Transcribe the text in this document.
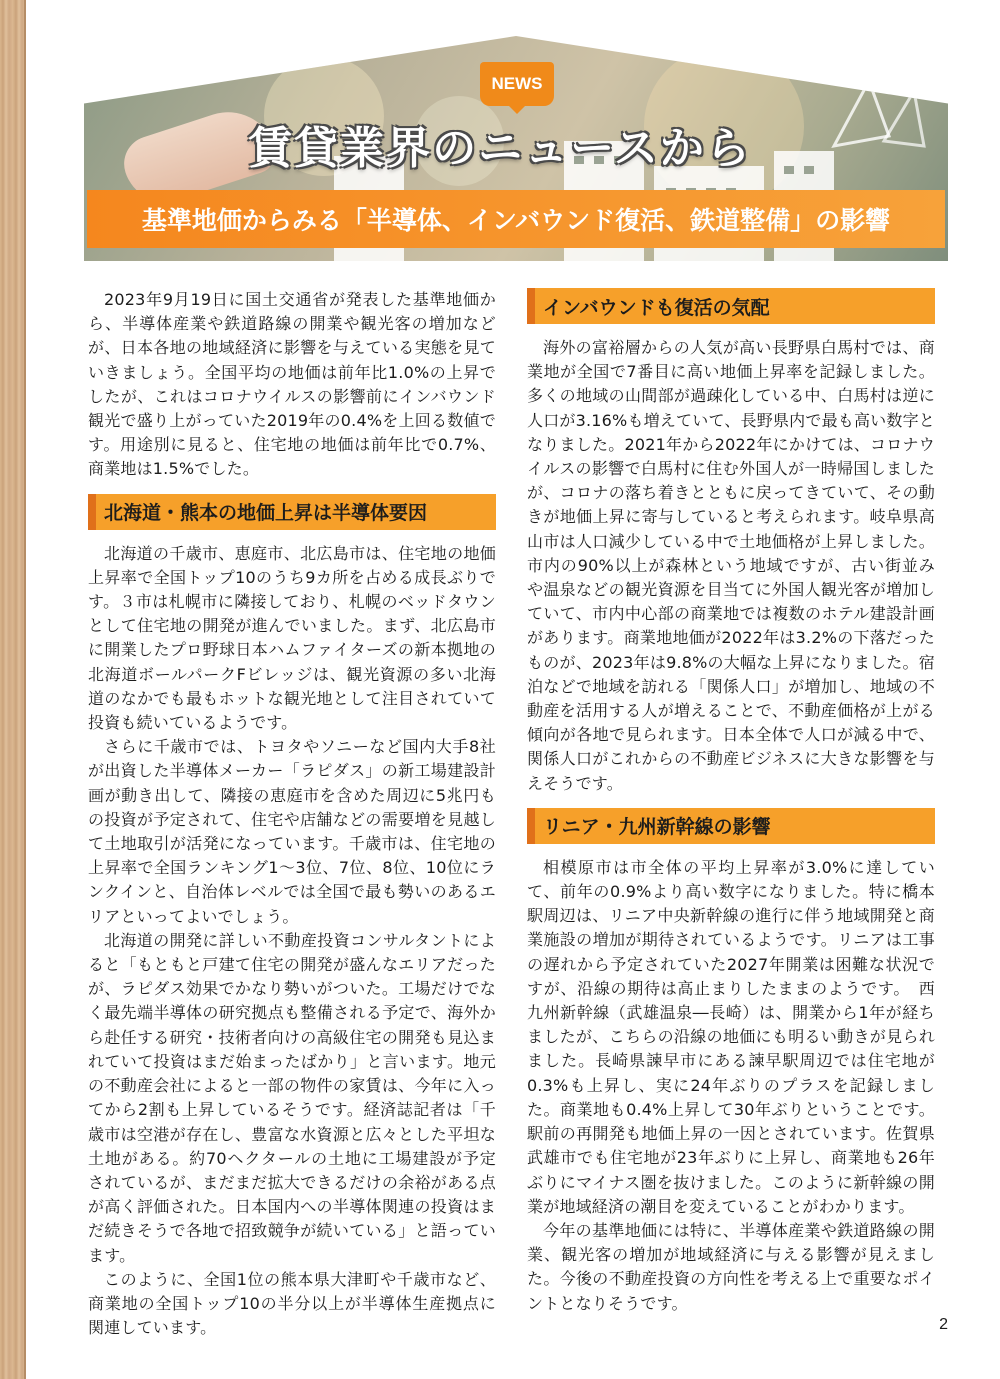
NEWS
賃貸業界のニュースから
基準地価からみる「半導体、インバウンド復活、鉄道整備」の影響

2023年9月19日に国土交通省が発表した基準地価から、半導体産業や鉄道路線の開業や観光客の増加などが、日本各地の地域経済に影響を与えている実態を見ていきましょう。全国平均の地価は前年比1.0%の上昇でしたが、これはコロナウイルスの影響前にインバウンド観光で盛り上がっていた2019年の0.4%を上回る数値です。用途別に見ると、住宅地の地価は前年比で0.7%、商業地は1.5%でした。

北海道・熊本の地価上昇は半導体要因

北海道の千歳市、恵庭市、北広島市は、住宅地の地価上昇率で全国トップ10のうち9カ所を占める成長ぶりです。３市は札幌市に隣接しており、札幌のベッドタウンとして住宅地の開発が進んでいました。まず、北広島市に開業したプロ野球日本ハムファイターズの新本拠地の北海道ボールパークFビレッジは、観光資源の多い北海道のなかでも最もホットな観光地として注目されていて投資も続いているようです。

さらに千歳市では、トヨタやソニーなど国内大手8社が出資した半導体メーカー「ラピダス」の新工場建設計画が動き出して、隣接の恵庭市を含めた周辺に5兆円もの投資が予定されて、住宅や店舗などの需要増を見越して土地取引が活発になっています。千歳市は、住宅地の上昇率で全国ランキング1～3位、7位、8位、10位にランクインと、自治体レベルでは全国で最も勢いのあるエリアといってよいでしょう。

北海道の開発に詳しい不動産投資コンサルタントによると「もともと戸建て住宅の開発が盛んなエリアだったが、ラピダス効果でかなり勢いがついた。工場だけでなく最先端半導体の研究拠点も整備される予定で、海外から赴任する研究・技術者向けの高級住宅の開発も見込まれていて投資はまだ始まったばかり」と言います。地元の不動産会社によると一部の物件の家賃は、今年に入ってから2割も上昇しているそうです。経済誌記者は「千歳市は空港が存在し、豊富な水資源と広々とした平坦な土地がある。約70ヘクタールの土地に工場建設が予定されているが、まだまだ拡大できるだけの余裕がある点が高く評価された。日本国内への半導体関連の投資はまだ続きそうで各地で招致競争が続いている」と語っています。

このように、全国1位の熊本県大津町や千歳市など、商業地の全国トップ10の半分以上が半導体生産拠点に関連しています。

インバウンドも復活の気配

海外の富裕層からの人気が高い長野県白馬村では、商業地が全国で7番目に高い地価上昇率を記録しました。多くの地域の山間部が過疎化している中、白馬村は逆に人口が3.16%も増えていて、長野県内で最も高い数字となりました。2021年から2022年にかけては、コロナウイルスの影響で白馬村に住む外国人が一時帰国しましたが、コロナの落ち着きとともに戻ってきていて、その動きが地価上昇に寄与していると考えられます。岐阜県高山市は人口減少している中で土地価格が上昇しました。市内の90%以上が森林という地域ですが、古い街並みや温泉などの観光資源を目当てに外国人観光客が増加していて、市内中心部の商業地では複数のホテル建設計画があります。商業地地価が2022年は3.2%の下落だったものが、2023年は9.8%の大幅な上昇になりました。宿泊などで地域を訪れる「関係人口」が増加し、地域の不動産を活用する人が増えることで、不動産価格が上がる傾向が各地で見られます。日本全体で人口が減る中で、関係人口がこれからの不動産ビジネスに大きな影響を与えそうです。

リニア・九州新幹線の影響

相模原市は市全体の平均上昇率が3.0%に達していて、前年の0.9%より高い数字になりました。特に橋本駅周辺は、リニア中央新幹線の進行に伴う地域開発と商業施設の増加が期待されているようです。リニアは工事の遅れから予定されていた2027年開業は困難な状況ですが、沿線の期待は高止まりしたままのようです。　西九州新幹線（武雄温泉―長崎）は、開業から1年が経ちましたが、こちらの沿線の地価にも明るい動きが見られました。長崎県諫早市にある諫早駅周辺では住宅地が0.3%も上昇し、実に24年ぶりのプラスを記録しました。商業地も0.4%上昇して30年ぶりということです。駅前の再開発も地価上昇の一因とされています。佐賀県武雄市でも住宅地が23年ぶりに上昇し、商業地も26年ぶりにマイナス圏を抜けました。このように新幹線の開業が地域経済の潮目を変えていることがわかります。

今年の基準地価には特に、半導体産業や鉄道路線の開業、観光客の増加が地域経済に与える影響が見えました。今後の不動産投資の方向性を考える上で重要なポイントとなりそうです。

2
